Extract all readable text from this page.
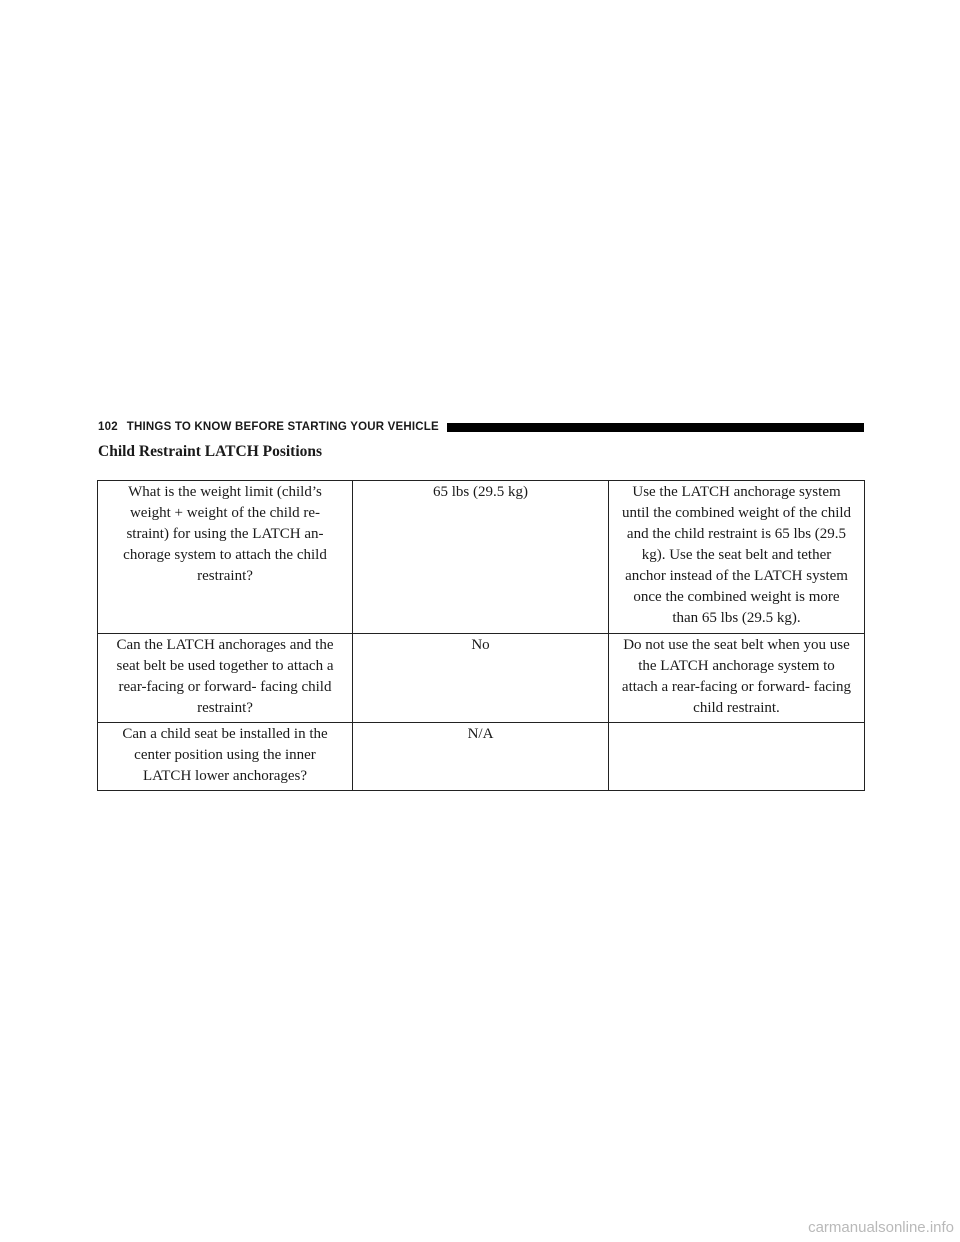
102 THINGS TO KNOW BEFORE STARTING YOUR VEHICLE
Child Restraint LATCH Positions
What is the weight limit (child’s weight + weight of the child re- straint) for using the LATCH an- chorage system to attach the child restraint?	65 lbs (29.5 kg)	Use the LATCH anchorage system until the combined weight of the child and the child restraint is 65 lbs (29.5 kg). Use the seat belt and tether anchor instead of the LATCH system once the combined weight is more than 65 lbs (29.5 kg).
Can the LATCH anchorages and the seat belt be used together to attach a rear-facing or forward- facing child restraint?	No	Do not use the seat belt when you use the LATCH anchorage system to attach a rear-facing or forward- facing child restraint.
Can a child seat be installed in the center position using the inner LATCH lower anchorages?	N/A	
carmanualsonline.info
